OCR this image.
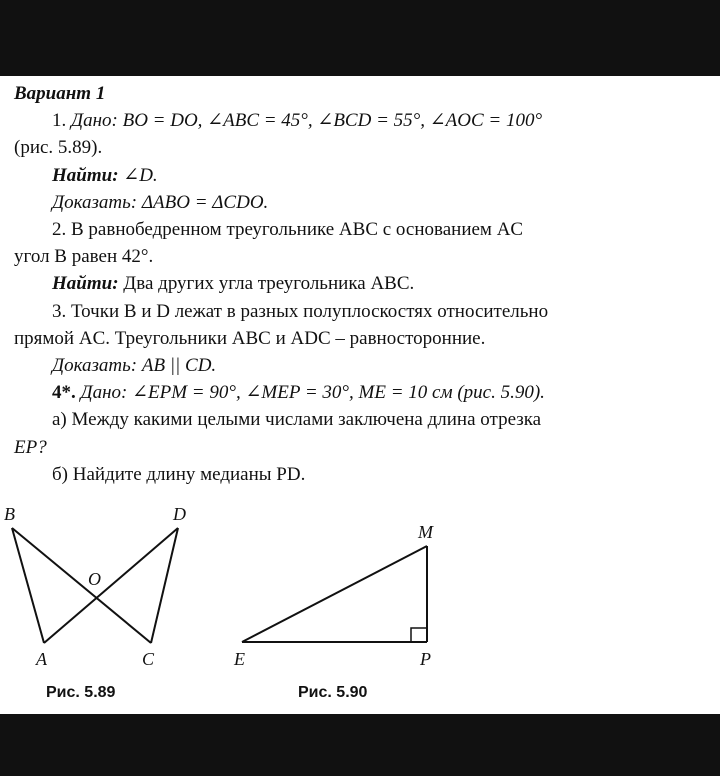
Вариант 1
1. Дано: BO = DO, ∠ABC = 45°, ∠BCD = 55°, ∠AOC = 100°
(рис. 5.89).
Найти: ∠D.
Доказать: ΔABO = ΔCDO.
2. В равнобедренном треугольнике ABC с основанием AC
угол B равен 42°.
Найти: Два других угла треугольника ABC.
3. Точки B и D лежат в разных полуплоскостях относительно
прямой AC. Треугольники ABC и ADC – равносторонние.
Доказать: AB || CD.
4*. Дано: ∠EPM = 90°, ∠MEP = 30°, ME = 10 см (рис. 5.90).
а) Между какими целыми числами заключена длина отрезка
EP?
б) Найдите длину медианы PD.
B	D
O
A	C
Рис. 5.89
M
E	P
Рис. 5.90
